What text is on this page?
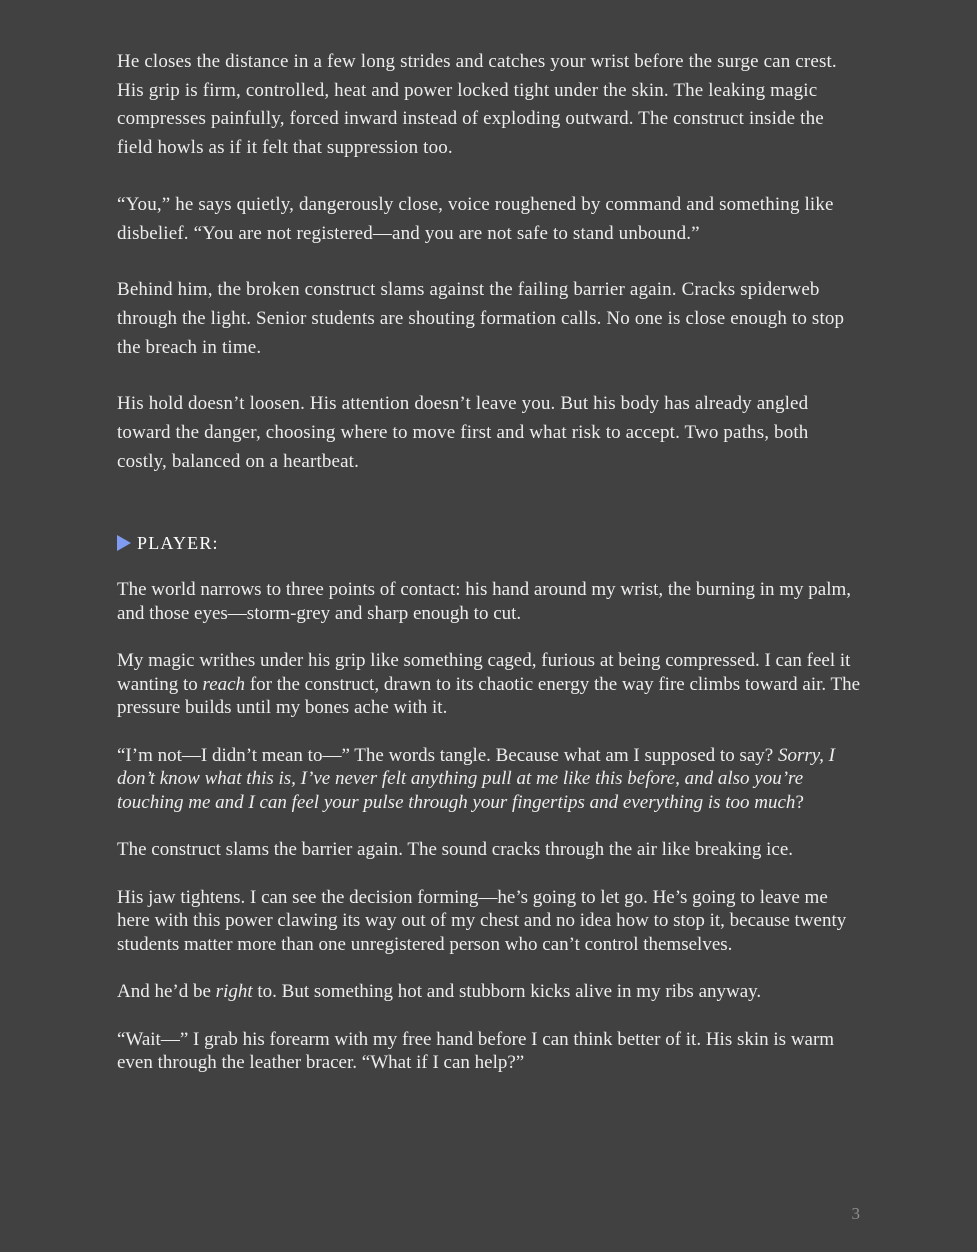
He closes the distance in a few long strides and catches your wrist before the surge can crest. His grip is firm, controlled, heat and power locked tight under the skin. The leaking magic compresses painfully, forced inward instead of exploding outward. The construct inside the field howls as if it felt that suppression too.

“You,” he says quietly, dangerously close, voice roughened by command and something like disbelief. “You are not registered—and you are not safe to stand unbound.”

Behind him, the broken construct slams against the failing barrier again. Cracks spiderweb through the light. Senior students are shouting formation calls. No one is close enough to stop the breach in time.

His hold doesn’t loosen. His attention doesn’t leave you. But his body has already angled toward the danger, choosing where to move first and what risk to accept. Two paths, both costly, balanced on a heartbeat.

PLAYER:

The world narrows to three points of contact: his hand around my wrist, the burning in my palm, and those eyes—storm-grey and sharp enough to cut.

My magic writhes under his grip like something caged, furious at being compressed. I can feel it wanting to reach for the construct, drawn to its chaotic energy the way fire climbs toward air. The pressure builds until my bones ache with it.

“I’m not—I didn’t mean to—” The words tangle. Because what am I supposed to say? Sorry, I don’t know what this is, I’ve never felt anything pull at me like this before, and also you’re touching me and I can feel your pulse through your fingertips and everything is too much?

The construct slams the barrier again. The sound cracks through the air like breaking ice.

His jaw tightens. I can see the decision forming—he’s going to let go. He’s going to leave me here with this power clawing its way out of my chest and no idea how to stop it, because twenty students matter more than one unregistered person who can’t control themselves.

And he’d be right to. But something hot and stubborn kicks alive in my ribs anyway.

“Wait—” I grab his forearm with my free hand before I can think better of it. His skin is warm even through the leather bracer. “What if I can help?”

3
